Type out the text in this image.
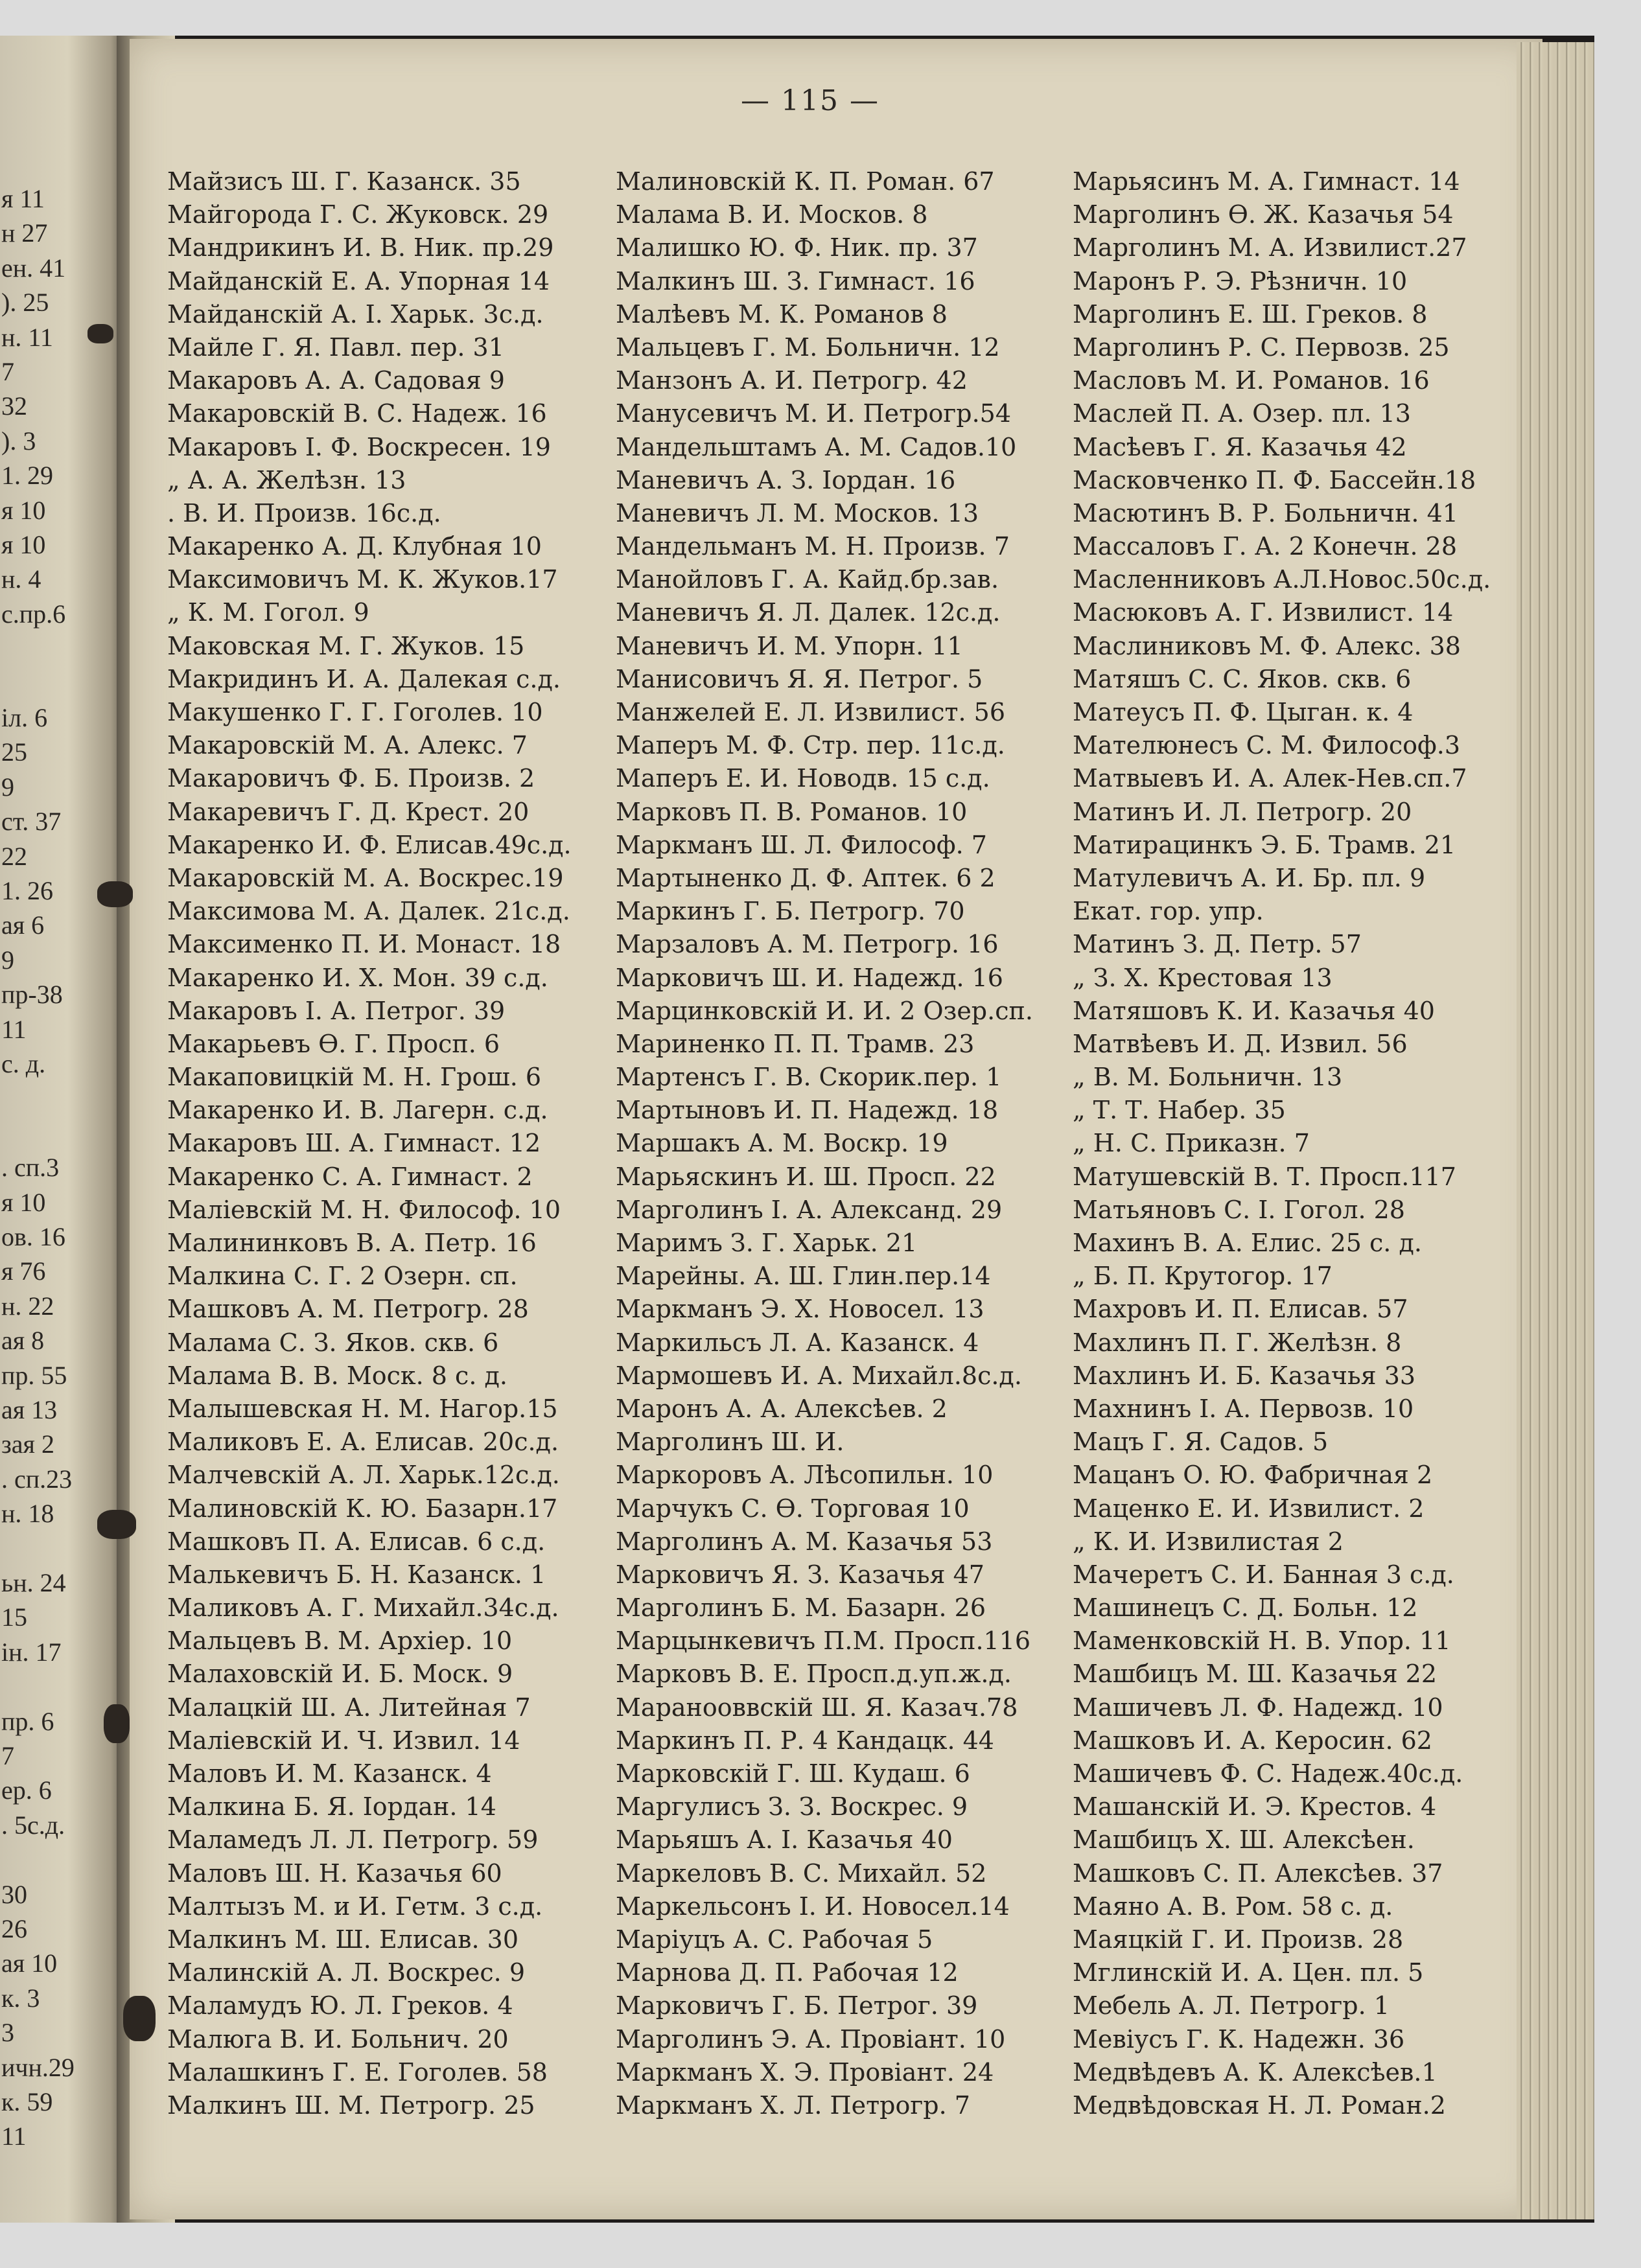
я 11
н 27
ен. 41
). 25
н. 11
7
32
). 3
1. 29
я 10
я 10
н. 4
с.пр.6
іл. 6
25
9
ст. 37
22
1. 26
ая 6
9
пр-38
11
с. д.
. сп.3
я 10
ов. 16
я 76
н. 22
ая 8
пр. 55
ая 13
зая 2
. сп.23
н. 18
ьн. 24
15
ін. 17
пр. 6
7
ер. 6
. 5с.д.
30
26
ая 10
к. 3
3
ичн.29
к. 59
11
— 115 —
Майзисъ Ш. Г. Казанск. 35
Майгорода Г. С. Жуковск. 29
Мандрикинъ И. В. Ник. пр.29
Майданскій Е. А. Упорная 14
Майданскій А. І. Харьк. 3с.д.
Майле Г. Я. Павл. пер. 31
Макаровъ А. А. Садовая 9
Макаровскій В. С. Надеж. 16
Макаровъ І. Ф. Воскресен. 19
„ А. А. Желѣзн. 13
. В. И. Произв. 16с.д.
Макаренко А. Д. Клубная 10
Максимовичъ М. К. Жуков.17
„ К. М. Гогол. 9
Маковская М. Г. Жуков. 15
Макридинъ И. А. Далекая с.д.
Макушенко Г. Г. Гоголев. 10
Макаровскій М. А. Алекс. 7
Макаровичъ Ф. Б. Произв. 2
Макаревичъ Г. Д. Крест. 20
Макаренко И. Ф. Елисав.49с.д.
Макаровскій М. А. Воскрес.19
Максимова М. А. Далек. 21с.д.
Максименко П. И. Монаст. 18
Макаренко И. Х. Мон. 39 с.д.
Макаровъ І. А. Петрог. 39
Макарьевъ Ѳ. Г. Просп. 6
Макаповицкій М. Н. Грош. 6
Макаренко И. В. Лагерн. с.д.
Макаровъ Ш. А. Гимнаст. 12
Макаренко С. А. Гимнаст. 2
Маліевскій М. Н. Философ. 10
Малининковъ В. А. Петр. 16
Малкина С. Г. 2 Озерн. сп.
Машковъ А. М. Петрогр. 28
Малама С. З. Яков. скв. 6
Малама В. В. Моск. 8 с. д.
Малышевская Н. М. Нагор.15
Маликовъ Е. А. Елисав. 20с.д.
Малчевскій А. Л. Харьк.12с.д.
Малиновскій К. Ю. Базарн.17
Машковъ П. А. Елисав. 6 с.д.
Малькевичъ Б. Н. Казанск. 1
Маликовъ А. Г. Михайл.34с.д.
Мальцевъ В. М. Архіер. 10
Малаховскій И. Б. Моск. 9
Малацкій Ш. А. Литейная 7
Маліевскій И. Ч. Извил. 14
Маловъ И. М. Казанск. 4
Малкина Б. Я. Іордан. 14
Маламедъ Л. Л. Петрогр. 59
Маловъ Ш. Н. Казачья 60
Малтызъ М. и И. Гетм. 3 с.д.
Малкинъ М. Ш. Елисав. 30
Малинскій А. Л. Воскрес. 9
Маламудъ Ю. Л. Греков. 4
Малюга В. И. Больнич. 20
Малашкинъ Г. Е. Гоголев. 58
Малкинъ Ш. М. Петрогр. 25
Малиновскій К. П. Роман. 67
Малама В. И. Москов. 8
Малишко Ю. Ф. Ник. пр. 37
Малкинъ Ш. З. Гимнаст. 16
Малѣевъ М. К. Романов 8
Мальцевъ Г. М. Больничн. 12
Манзонъ А. И. Петрогр. 42
Манусевичъ М. И. Петрогр.54
Мандельштамъ А. М. Садов.10
Маневичъ А. З. Іордан. 16
Маневичъ Л. М. Москов. 13
Мандельманъ М. Н. Произв. 7
Манойловъ Г. А. Кайд.бр.зав.
Маневичъ Я. Л. Далек. 12с.д.
Маневичъ И. М. Упорн. 11
Манисовичъ Я. Я. Петрог. 5
Манжелей Е. Л. Извилист. 56
Маперъ М. Ф. Стр. пер. 11с.д.
Маперъ Е. И. Новодв. 15 с.д.
Марковъ П. В. Романов. 10
Маркманъ Ш. Л. Философ. 7
Мартыненко Д. Ф. Аптек. 6 2
Маркинъ Г. Б. Петрогр. 70
Марзаловъ А. М. Петрогр. 16
Марковичъ Ш. И. Надежд. 16
Марцинковскій И. И. 2 Озер.сп.
Мариненко П. П. Трамв. 23
Мартенсъ Г. В. Скорик.пер. 1
Мартыновъ И. П. Надежд. 18
Маршакъ А. М. Воскр. 19
Марьяскинъ И. Ш. Просп. 22
Марголинъ І. А. Александ. 29
Маримъ З. Г. Харьк. 21
Марейны. А. Ш. Глин.пер.14
Маркманъ Э. Х. Новосел. 13
Маркильсъ Л. А. Казанск. 4
Мармошевъ И. А. Михайл.8с.д.
Маронъ А. А. Алексѣев. 2
Марголинъ Ш. И.
Маркоровъ А. Лѣсопильн. 10
Марчукъ С. Ѳ. Торговая 10
Марголинъ А. М. Казачья 53
Марковичъ Я. З. Казачья 47
Марголинъ Б. М. Базарн. 26
Марцынкевичъ П.М. Просп.116
Марковъ В. Е. Просп.д.уп.ж.д.
Маранооввскій Ш. Я. Казач.78
Маркинъ П. Р. 4 Кандацк. 44
Марковскій Г. Ш. Кудаш. 6
Маргулисъ З. З. Воскрес. 9
Марьяшъ А. І. Казачья 40
Маркеловъ В. С. Михайл. 52
Маркельсонъ І. И. Новосел.14
Маріуцъ А. С. Рабочая 5
Марнова Д. П. Рабочая 12
Марковичъ Г. Б. Петрог. 39
Марголинъ Э. А. Провіант. 10
Маркманъ Х. Э. Провіант. 24
Маркманъ Х. Л. Петрогр. 7
Марьясинъ М. А. Гимнаст. 14
Марголинъ Ѳ. Ж. Казачья 54
Марголинъ М. А. Извилист.27
Маронъ Р. Э. Рѣзничн. 10
Марголинъ Е. Ш. Греков. 8
Марголинъ Р. С. Первозв. 25
Масловъ М. И. Романов. 16
Маслей П. А. Озер. пл. 13
Масѣевъ Г. Я. Казачья 42
Масковченко П. Ф. Бассейн.18
Масютинъ В. Р. Больничн. 41
Массаловъ Г. А. 2 Конечн. 28
Масленниковъ А.Л.Новос.50с.д.
Масюковъ А. Г. Извилист. 14
Маслиниковъ М. Ф. Алекс. 38
Матяшъ С. С. Яков. скв. 6
Матеусъ П. Ф. Цыган. к. 4
Мателюнесъ С. М. Философ.3
Матвыевъ И. А. Алек-Нев.сп.7
Матинъ И. Л. Петрогр. 20
Матирацинкъ Э. Б. Трамв. 21
Матулевичъ А. И. Бр. пл. 9
Екат. гор. упр.
Матинъ З. Д. Петр. 57
„ З. Х. Крестовая 13
Матяшовъ К. И. Казачья 40
Матвѣевъ И. Д. Извил. 56
„ В. М. Больничн. 13
„ Т. Т. Набер. 35
„ Н. С. Приказн. 7
Матушевскій В. Т. Просп.117
Матьяновъ С. І. Гогол. 28
Махинъ В. А. Елис. 25 с. д.
„ Б. П. Крутогор. 17
Махровъ И. П. Елисав. 57
Махлинъ П. Г. Желѣзн. 8
Махлинъ И. Б. Казачья 33
Махнинъ І. А. Первозв. 10
Мацъ Г. Я. Садов. 5
Мацанъ О. Ю. Фабричная 2
Маценко Е. И. Извилист. 2
„ К. И. Извилистая 2
Мачеретъ С. И. Банная 3 с.д.
Машинецъ С. Д. Больн. 12
Маменковскій Н. В. Упор. 11
Машбицъ М. Ш. Казачья 22
Машичевъ Л. Ф. Надежд. 10
Машковъ И. А. Керосин. 62
Машичевъ Ф. С. Надеж.40с.д.
Машанскій И. Э. Крестов. 4
Машбицъ Х. Ш. Алексѣен.
Машковъ С. П. Алексѣев. 37
Маяно А. В. Ром. 58 с. д.
Маяцкій Г. И. Произв. 28
Мглинскій И. А. Цен. пл. 5
Мебель А. Л. Петрогр. 1
Мевіусъ Г. К. Надежн. 36
Медвѣдевъ А. К. Алексѣев.1
Медвѣдовская Н. Л. Роман.2
